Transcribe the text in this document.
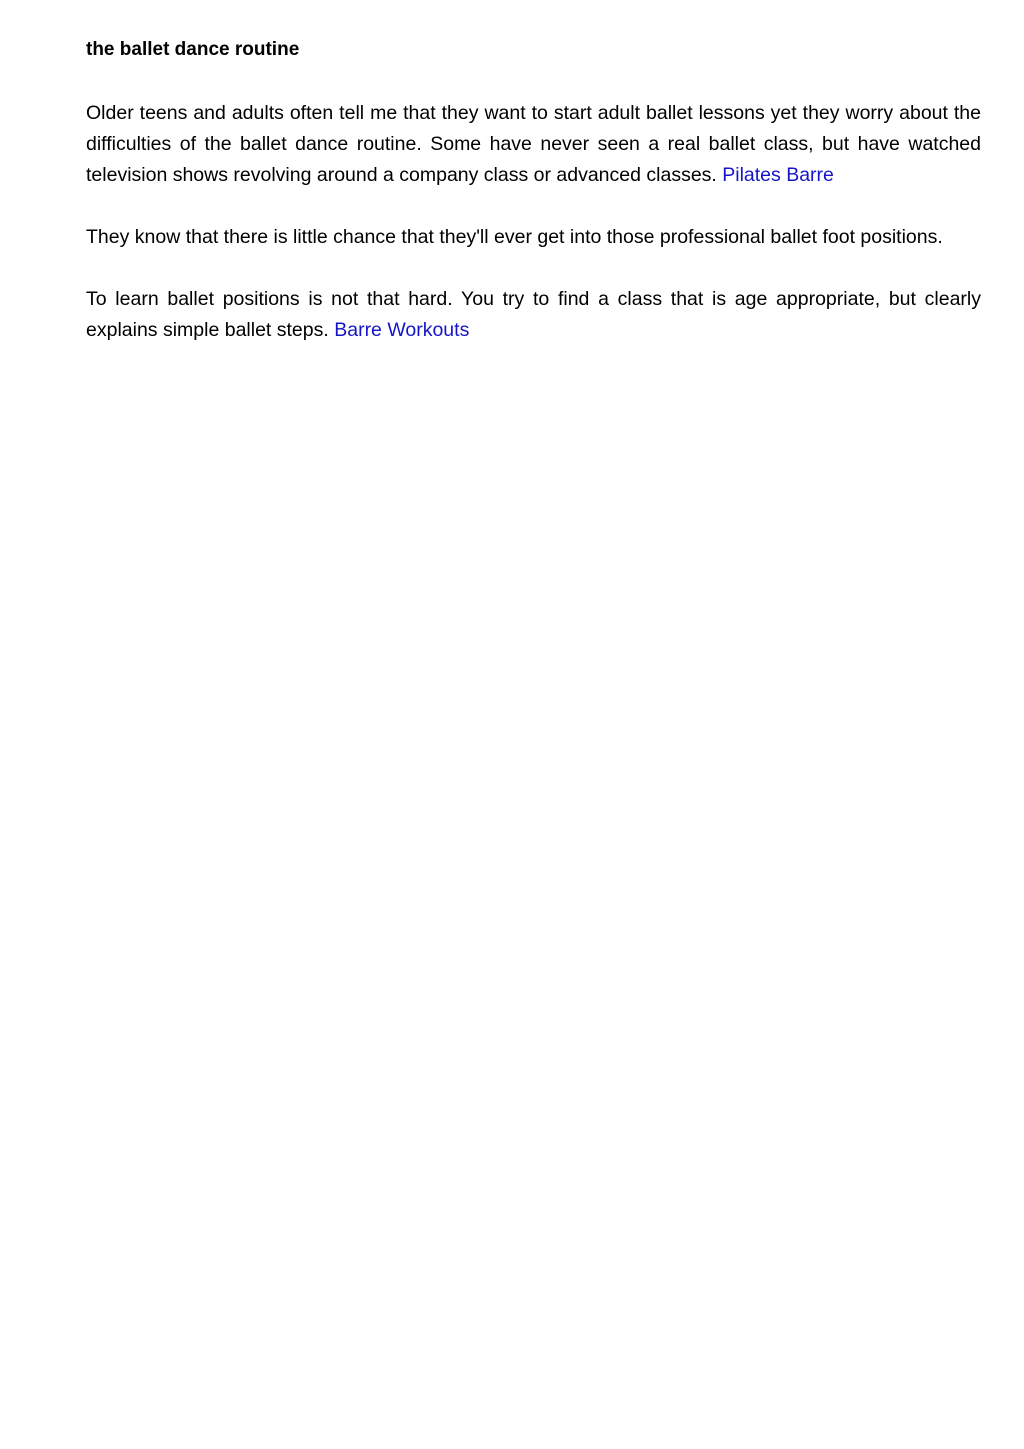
the ballet dance routine

Older teens and adults often tell me that they want to start adult ballet lessons yet they worry about the difficulties of the ballet dance routine. Some have never seen a real ballet class, but have watched television shows revolving around a company class or advanced classes. Pilates Barre

They know that there is little chance that they'll ever get into those professional ballet foot positions.

To learn ballet positions is not that hard. You try to find a class that is age appropriate, but clearly explains simple ballet steps. Barre Workouts
